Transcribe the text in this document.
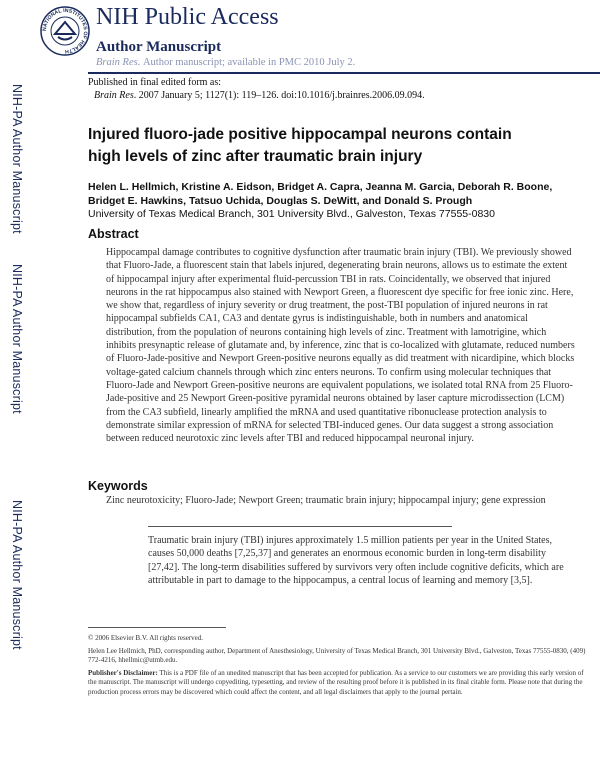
NIH-PA Author Manuscript
NIH-PA Author Manuscript
NIH-PA Author Manuscript
NATIONAL INSTITUTES OF HEALTH
NIH Public Access
Author Manuscript
Brain Res. Author manuscript; available in PMC 2010 July 2.
Published in final edited form as:
Brain Res. 2007 January 5; 1127(1): 119–126. doi:10.1016/j.brainres.2006.09.094.
Injured fluoro-jade positive hippocampal neurons contain high levels of zinc after traumatic brain injury
Helen L. Hellmich, Kristine A. Eidson, Bridget A. Capra, Jeanna M. Garcia, Deborah R. Boone, Bridget E. Hawkins, Tatsuo Uchida, Douglas S. DeWitt, and Donald S. Prough
University of Texas Medical Branch, 301 University Blvd., Galveston, Texas 77555-0830
Abstract
Hippocampal damage contributes to cognitive dysfunction after traumatic brain injury (TBI). We previously showed that Fluoro-Jade, a fluorescent stain that labels injured, degenerating brain neurons, allows us to estimate the extent of hippocampal injury after experimental fluid-percussion TBI in rats. Coincidentally, we observed that injured neurons in the rat hippocampus also stained with Newport Green, a fluorescent dye specific for free ionic zinc. Here, we show that, regardless of injury severity or drug treatment, the post-TBI population of injured neurons in rat hippocampal subfields CA1, CA3 and dentate gyrus is indistinguishable, both in numbers and anatomical distribution, from the population of neurons containing high levels of zinc. Treatment with lamotrigine, which inhibits presynaptic release of glutamate and, by inference, zinc that is co-localized with glutamate, reduced numbers of Fluoro-Jade-positive and Newport Green-positive neurons equally as did treatment with nicardipine, which blocks voltage-gated calcium channels through which zinc enters neurons. To confirm using molecular techniques that Fluoro-Jade and Newport Green-positive neurons are equivalent populations, we isolated total RNA from 25 Fluoro-Jade-positive and 25 Newport Green-positive pyramidal neurons obtained by laser capture microdissection (LCM) from the CA3 subfield, linearly amplified the mRNA and used quantitative ribonuclease protection analysis to demonstrate similar expression of mRNA for selected TBI-induced genes. Our data suggest a strong association between reduced neurotoxic zinc levels after TBI and reduced hippocampal neuronal injury.
Keywords
Zinc neurotoxicity; Fluoro-Jade; Newport Green; traumatic brain injury; hippocampal injury; gene expression
Traumatic brain injury (TBI) injures approximately 1.5 million patients per year in the United States, causes 50,000 deaths [7,25,37] and generates an enormous economic burden in long-term disability [27,42]. The long-term disabilities suffered by survivors very often include cognitive deficits, which are attributable in part to damage to the hippocampus, a central locus of learning and memory [3,5].
© 2006 Elsevier B.V. All rights reserved.
Helen Lee Hellmich, PhD, corresponding author, Department of Anesthesiology, University of Texas Medical Branch, 301 University Blvd., Galveston, Texas 77555-0830, (409) 772-4216, hhellmic@utmb.edu.
Publisher's Disclaimer: This is a PDF file of an unedited manuscript that has been accepted for publication. As a service to our customers we are providing this early version of the manuscript. The manuscript will undergo copyediting, typesetting, and review of the resulting proof before it is published in its final citable form. Please note that during the production process errors may be discovered which could affect the content, and all legal disclaimers that apply to the journal pertain.
